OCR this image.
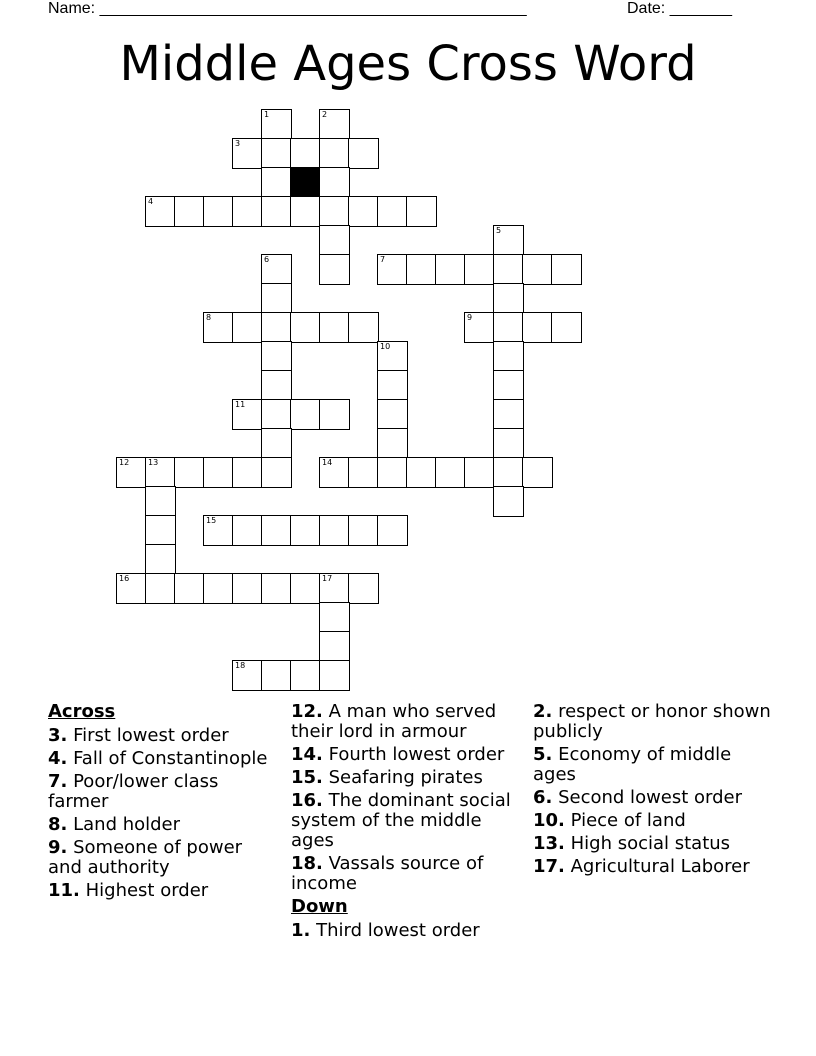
Name: ________________________________________________	Date: _______
Middle Ages Cross Word
1	2
3
4
5
6	7
8	9
10
11
12 13	14
15
16	17
18
Across
3. First lowest order
4. Fall of Constantinople
7. Poor/lower class farmer
8. Land holder
9. Someone of power and authority
11. Highest order
12. A man who served their lord in armour
14. Fourth lowest order
15. Seafaring pirates
16. The dominant social system of the middle ages
18. Vassals source of income
Down
1. Third lowest order
2. respect or honor shown publicly
5. Economy of middle ages
6. Second lowest order
10. Piece of land
13. High social status
17. Agricultural Laborer
